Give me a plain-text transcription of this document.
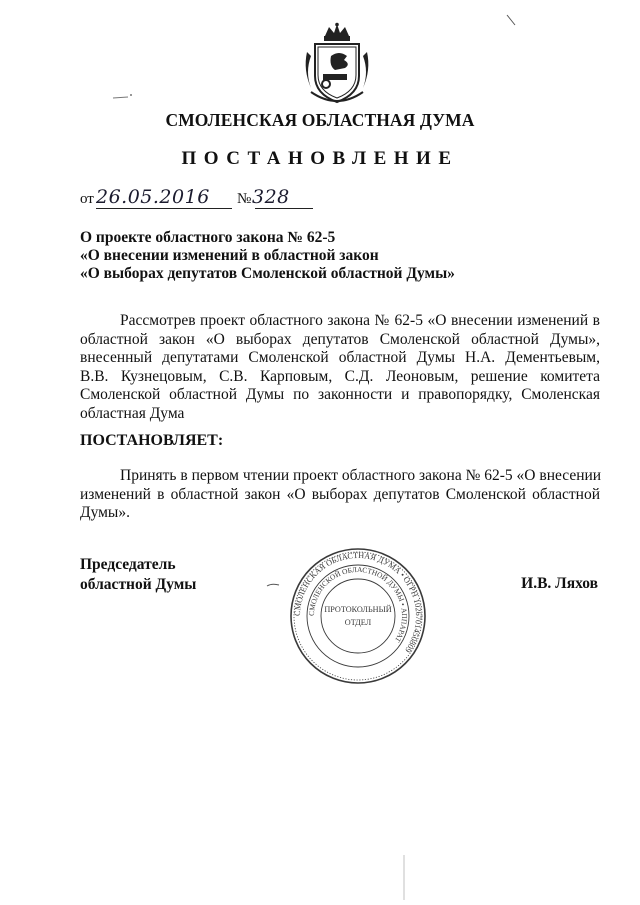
СМОЛЕНСКАЯ ОБЛАСТНАЯ ДУМА
ПОСТАНОВЛЕНИЕ
от 26.05.2016 № 328
О проекте областного закона № 62-5
«О внесении изменений в областной закон
«О выборах депутатов Смоленской областной Думы»
Рассмотрев проект областного закона № 62-5 «О внесении изменений в
областной закон «О выборах депутатов Смоленской областной Думы»,
внесенный депутатами Смоленской областной Думы Н.А. Дементьевым,
В.В. Кузнецовым, С.В. Карповым, С.Д. Леоновым, решение комитета
Смоленской областной Думы по законности и правопорядку, Смоленская
областная Дума
ПОСТАНОВЛЯЕТ:
Принять в первом чтении проект областного закона № 62-5 «О внесении
изменений в областной закон «О выборах депутатов Смоленской областной
Думы».
Председатель
областной Думы	И.В. Ляхов
СМОЛЕНСКАЯ ОБЛАСТНАЯ ДУМА • ОГРН 1026701450809
СМОЛЕНСКОЙ ОБЛАСТНОЙ ДУМЫ • АППАРАТ
ПРОТОКОЛЬНЫЙ
ОТДЕЛ
